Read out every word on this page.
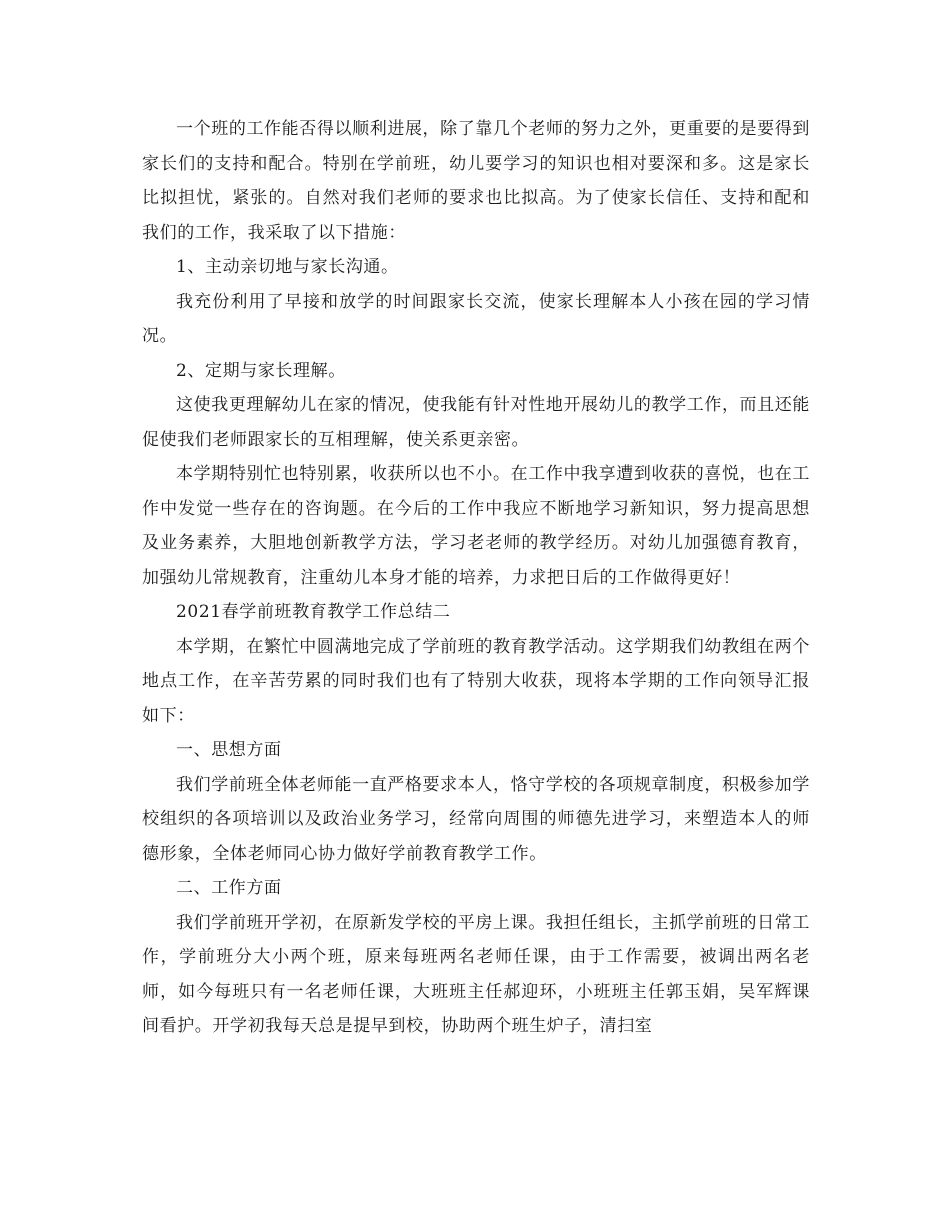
一个班的工作能否得以顺利进展，除了靠几个老师的努力之外，更重要的是要得到家长们的支持和配合。特别在学前班，幼儿要学习的知识也相对要深和多。这是家长比拟担忧，紧张的。自然对我们老师的要求也比拟高。为了使家长信任、支持和配和我们的工作，我采取了以下措施：

1、主动亲切地与家长沟通。

我充份利用了早接和放学的时间跟家长交流，使家长理解本人小孩在园的学习情况。

2、定期与家长理解。

这使我更理解幼儿在家的情况，使我能有针对性地开展幼儿的教学工作，而且还能促使我们老师跟家长的互相理解，使关系更亲密。

本学期特别忙也特别累，收获所以也不小。在工作中我享遭到收获的喜悦，也在工作中发觉一些存在的咨询题。在今后的工作中我应不断地学习新知识，努力提高思想及业务素养，大胆地创新教学方法，学习老老师的教学经历。对幼儿加强德育教育，加强幼儿常规教育，注重幼儿本身才能的培养，力求把日后的工作做得更好！

2021春学前班教育教学工作总结二

本学期，在繁忙中圆满地完成了学前班的教育教学活动。这学期我们幼教组在两个地点工作，在辛苦劳累的同时我们也有了特别大收获，现将本学期的工作向领导汇报如下：

一、思想方面

我们学前班全体老师能一直严格要求本人，恪守学校的各项规章制度，积极参加学校组织的各项培训以及政治业务学习，经常向周围的师德先进学习，来塑造本人的师德形象，全体老师同心协力做好学前教育教学工作。

二、工作方面

我们学前班开学初，在原新发学校的平房上课。我担任组长，主抓学前班的日常工作，学前班分大小两个班，原来每班两名老师任课，由于工作需要，被调出两名老师，如今每班只有一名老师任课，大班班主任郝迎环，小班班主任郭玉娟，吴军辉课间看护。开学初我每天总是提早到校，协助两个班生炉子，清扫室
